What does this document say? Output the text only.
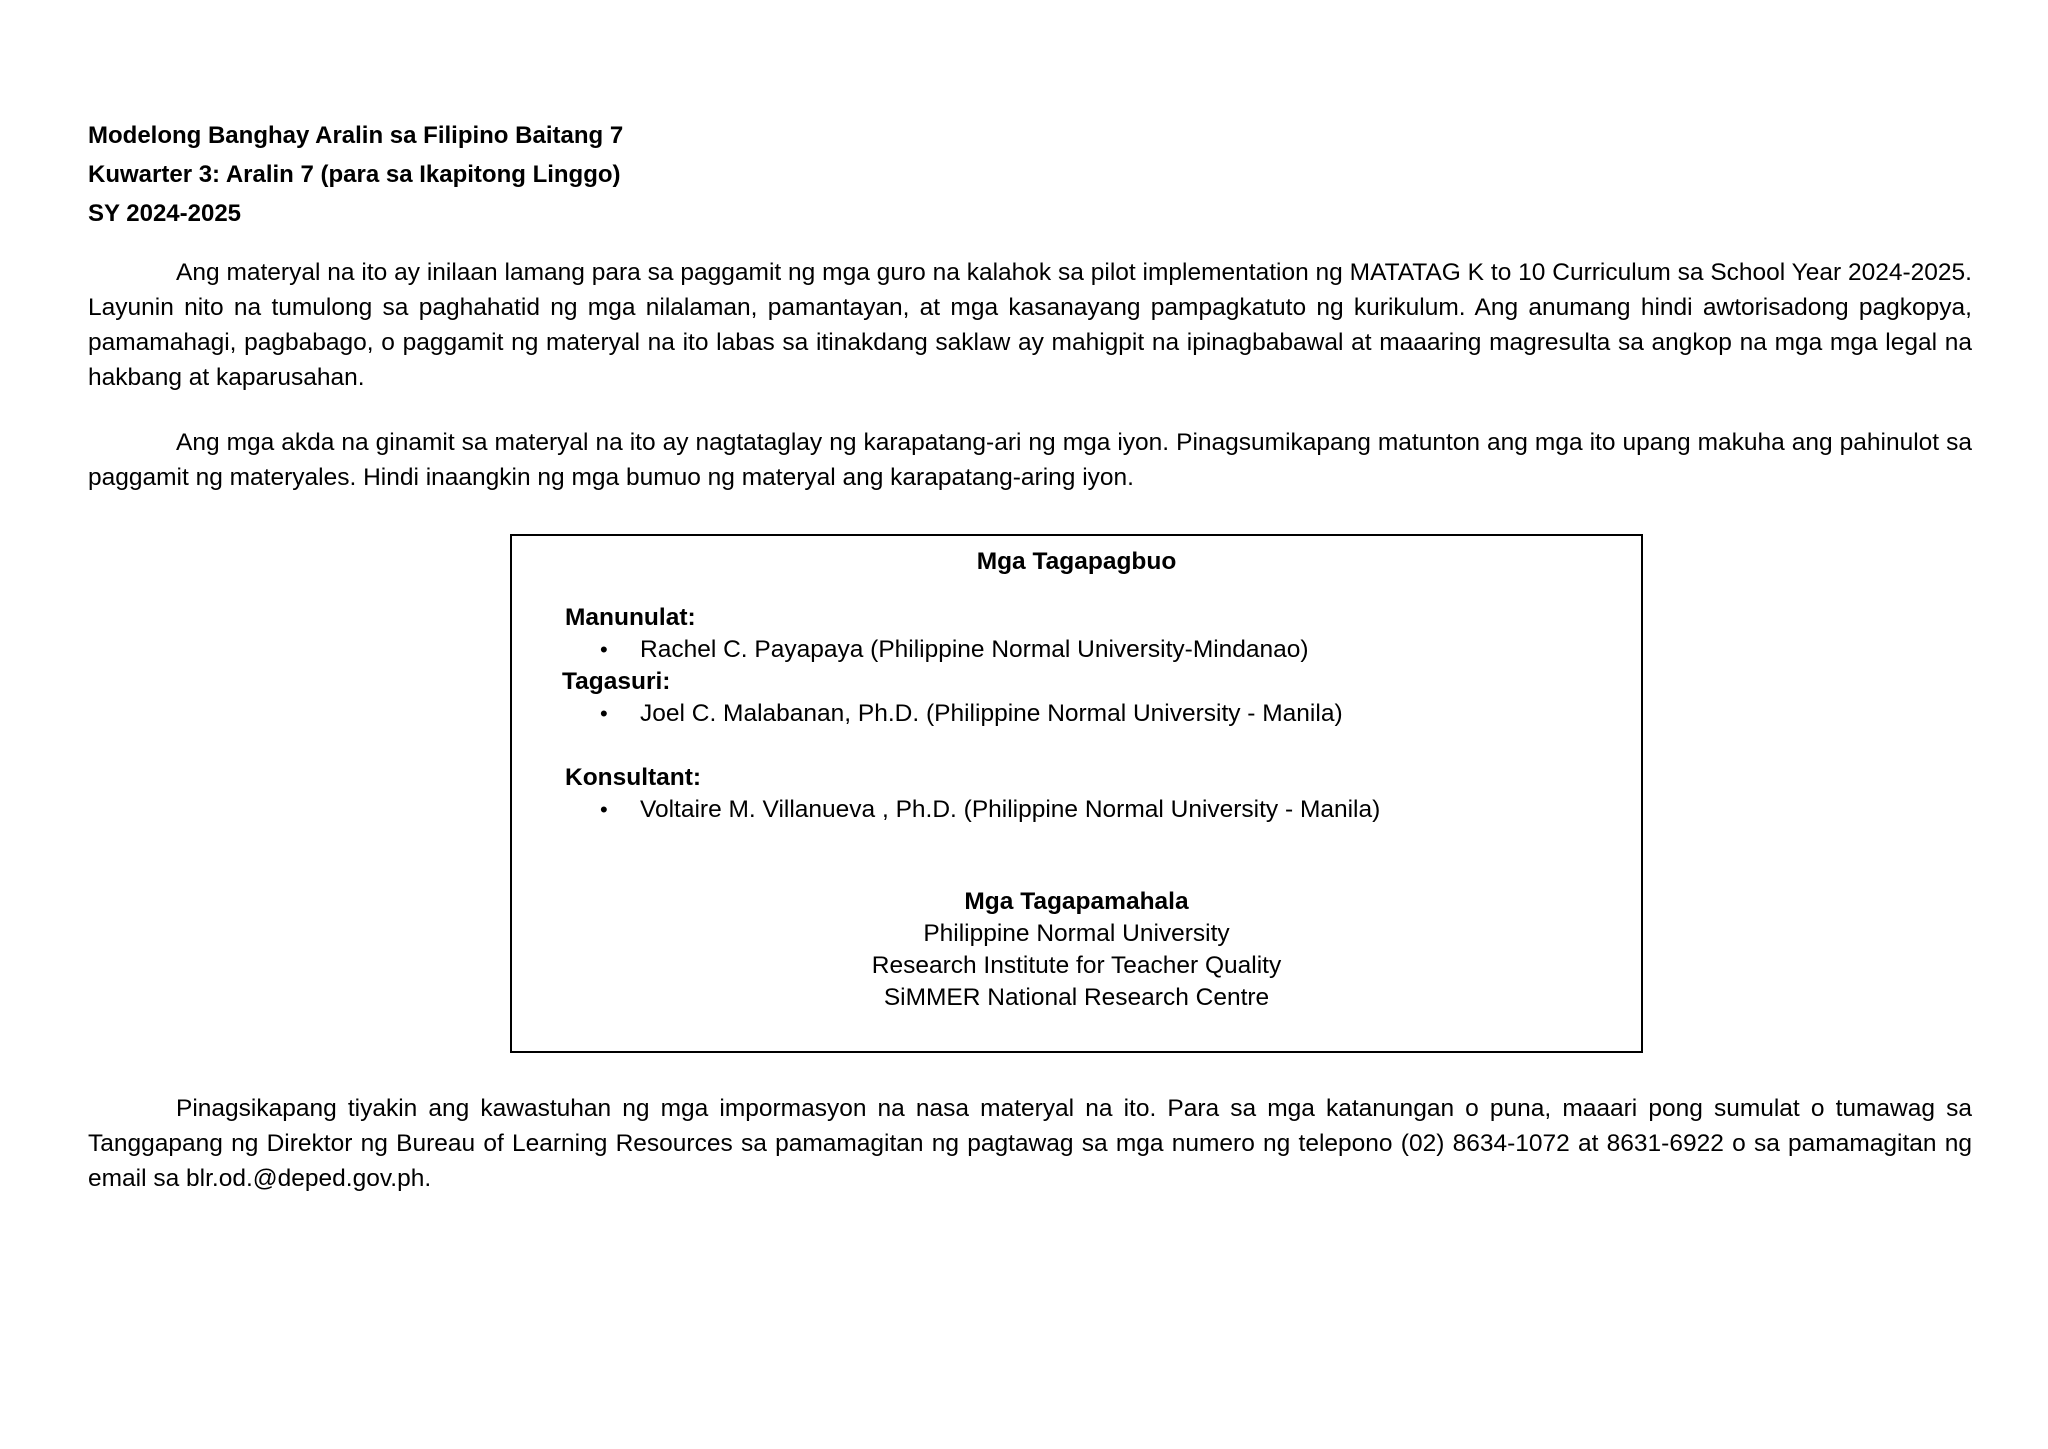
Modelong Banghay Aralin sa Filipino Baitang 7
Kuwarter 3: Aralin 7 (para sa Ikapitong Linggo)
SY 2024-2025

Ang materyal na ito ay inilaan lamang para sa paggamit ng mga guro na kalahok sa pilot implementation ng MATATAG K to 10 Curriculum sa School Year 2024-2025. Layunin nito na tumulong sa paghahatid ng mga nilalaman, pamantayan, at mga kasanayang pampagkatuto ng kurikulum. Ang anumang hindi awtorisadong pagkopya, pamamahagi, pagbabago, o paggamit ng materyal na ito labas sa itinakdang saklaw ay mahigpit na ipinagbabawal at maaaring magresulta sa angkop na mga mga legal na hakbang at kaparusahan.

Ang mga akda na ginamit sa materyal na ito ay nagtataglay ng karapatang-ari ng mga iyon. Pinagsumikapang matunton ang mga ito upang makuha ang pahinulot sa paggamit ng materyales. Hindi inaangkin ng mga bumuo ng materyal ang karapatang-aring iyon.

Mga Tagapagbuo
Manunulat:
• Rachel C. Payapaya (Philippine Normal University-Mindanao)
Tagasuri:
• Joel C. Malabanan, Ph.D. (Philippine Normal University - Manila)
Konsultant:
• Voltaire M. Villanueva , Ph.D. (Philippine Normal University - Manila)
Mga Tagapamahala
Philippine Normal University
Research Institute for Teacher Quality
SiMMER National Research Centre

Pinagsikapang tiyakin ang kawastuhan ng mga impormasyon na nasa materyal na ito. Para sa mga katanungan o puna, maaari pong sumulat o tumawag sa Tanggapang ng Direktor ng Bureau of Learning Resources sa pamamagitan ng pagtawag sa mga numero ng telepono (02) 8634-1072 at 8631-6922 o sa pamamagitan ng email sa blr.od.@deped.gov.ph.
